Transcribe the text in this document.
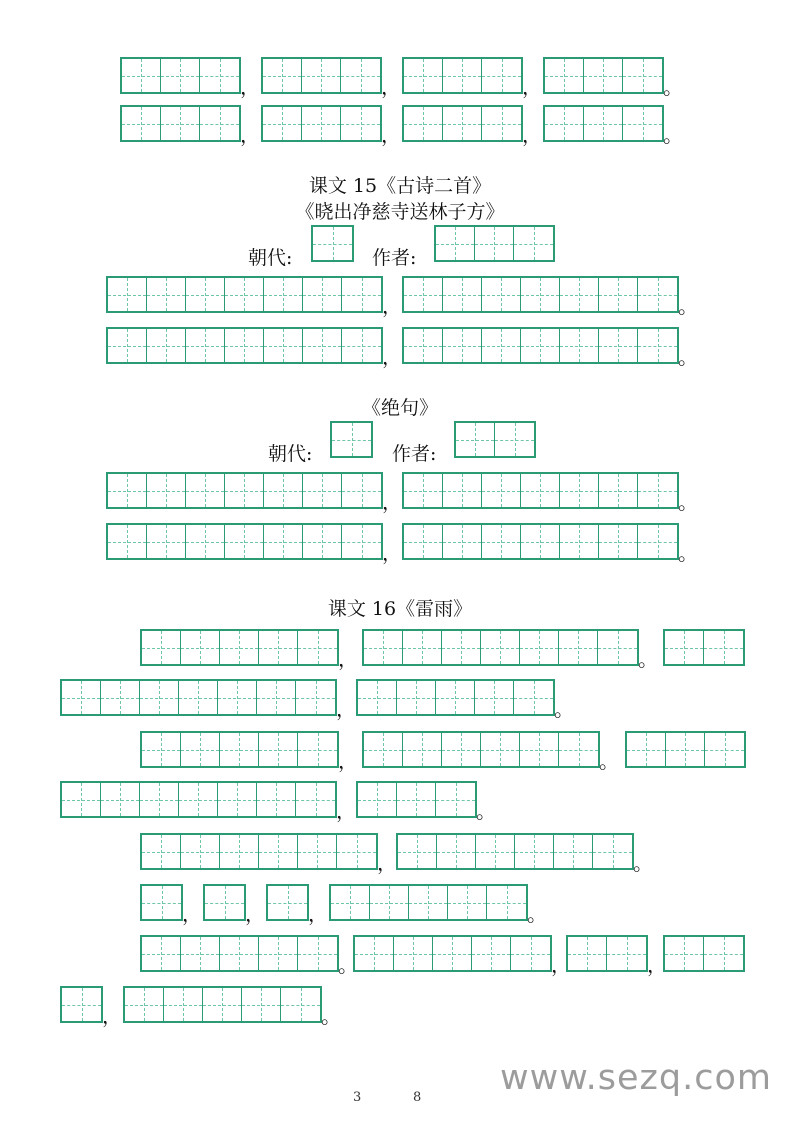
课文 15《古诗二首》
《晓出净慈寺送林子方》
朝代:	作者:
《绝句》
朝代:	作者:
课文 16《雷雨》
www.sezq.com
3	8
，	，	，	。
，	，	，	。
，	。
，	。
，	。
，	。
，	。
，	。
，	。
，	。
，	。
， ， ，	。
。	，	，
，	。
